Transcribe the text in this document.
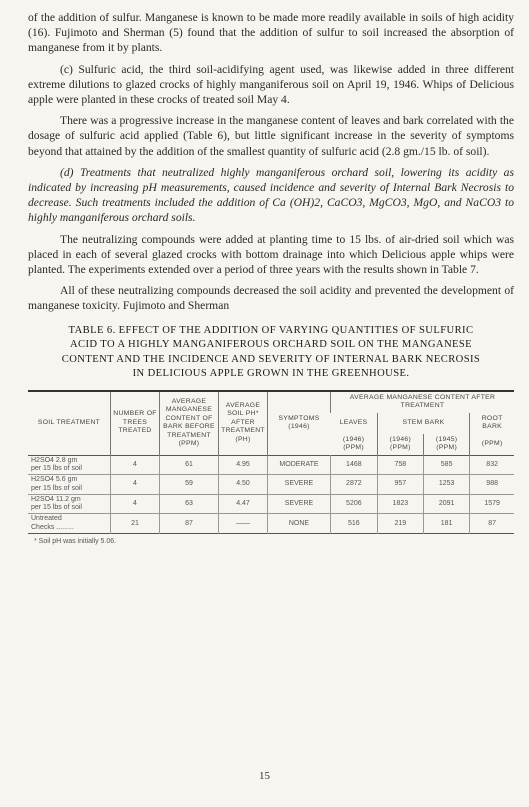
of the addition of sulfur. Manganese is known to be made more readily available in soils of high acidity (16). Fujimoto and Sherman (5) found that the addition of sulfur to soil increased the absorption of manganese from it by plants.

(c) Sulfuric acid, the third soil-acidifying agent used, was likewise added in three different extreme dilutions to glazed crocks of highly manganiferous soil on April 19, 1946. Whips of Delicious apple were planted in these crocks of treated soil May 4.

There was a progressive increase in the manganese content of leaves and bark correlated with the dosage of sulfuric acid applied (Table 6), but little significant increase in the severity of symptoms beyond that attained by the addition of the smallest quantity of sulfuric acid (2.8 gm./15 lb. of soil).

(d) Treatments that neutralized highly manganiferous orchard soil, lowering its acidity as indicated by increasing pH measurements, caused incidence and severity of Internal Bark Necrosis to decrease. Such treatments included the addition of Ca (OH)2, CaCO3, MgCO3, MgO, and NaCO3 to highly manganiferous orchard soils.

The neutralizing compounds were added at planting time to 15 lbs. of air-dried soil which was placed in each of several glazed crocks with bottom drainage into which Delicious apple whips were planted. The experiments extended over a period of three years with the results shown in Table 7.

All of these neutralizing compounds decreased the soil acidity and prevented the development of manganese toxicity. Fujimoto and Sherman

TABLE 6. EFFECT OF THE ADDITION OF VARYING QUANTITIES OF SULFURIC
ACID TO A HIGHLY MANGANIFEROUS ORCHARD SOIL ON THE MANGANESE
CONTENT AND THE INCIDENCE AND SEVERITY OF INTERNAL BARK NECROSIS
IN DELICIOUS APPLE GROWN IN THE GREENHOUSE.
SOIL TREATMENT	NUMBER OF TREES TREATED	AVERAGE MANGANESE CONTENT OF BARK BEFORE TREATMENT (PPM)	AVERAGE SOIL PH* AFTER TREATMENT (PH)	SYMPTOMS (1946)	AVERAGE MANGANESE CONTENT AFTER TREATMENT			
					LEAVES	STEM BARK		ROOT BARK
					(1946) (PPM)	(1946) (PPM)	(1945) (PPM)	(PPM)

H2SO4 2.8 gm
per 15 lbs of soil	4	61	4.95	MODERATE	1468	758	585	832

H2SO4 5.6 gm
per 15 lbs of soil	4	59	4.50	SEVERE	2872	957	1253	988

H2SO4 11.2 gm
per 15 lbs of soil	4	63	4.47	SEVERE	5206	1823	2091	1579

Untreated
Checks .........	21	87	——	NONE	516	219	181	87
* Soil pH was initially 5.06.
15
